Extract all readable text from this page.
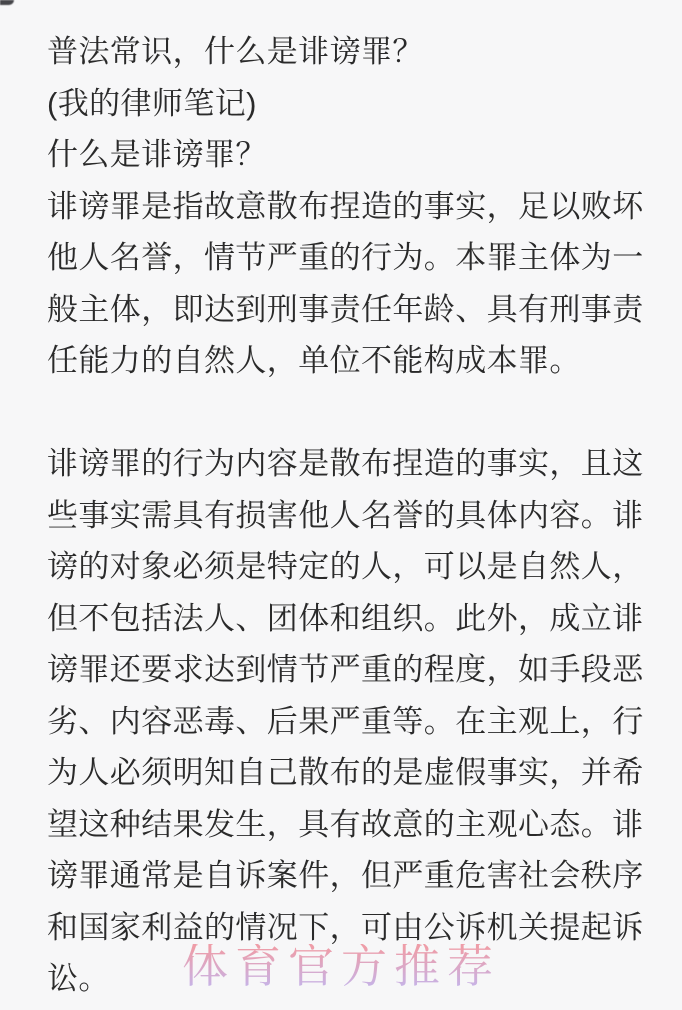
普法常识，什么是诽谤罪？
(我的律师笔记)
什么是诽谤罪？
诽谤罪是指故意散布捏造的事实，足以败坏
他人名誉，情节严重的行为。本罪主体为一
般主体，即达到刑事责任年龄、具有刑事责
任能力的自然人，单位不能构成本罪。
诽谤罪的行为内容是散布捏造的事实，且这
些事实需具有损害他人名誉的具体内容。诽
谤的对象必须是特定的人，可以是自然人，
但不包括法人、团体和组织。此外，成立诽
谤罪还要求达到情节严重的程度，如手段恶
劣、内容恶毒、后果严重等。在主观上，行
为人必须明知自己散布的是虚假事实，并希
望这种结果发生，具有故意的主观心态。诽
谤罪通常是自诉案件，但严重危害社会秩序
和国家利益的情况下，可由公诉机关提起诉
讼。	体育官方推荐
